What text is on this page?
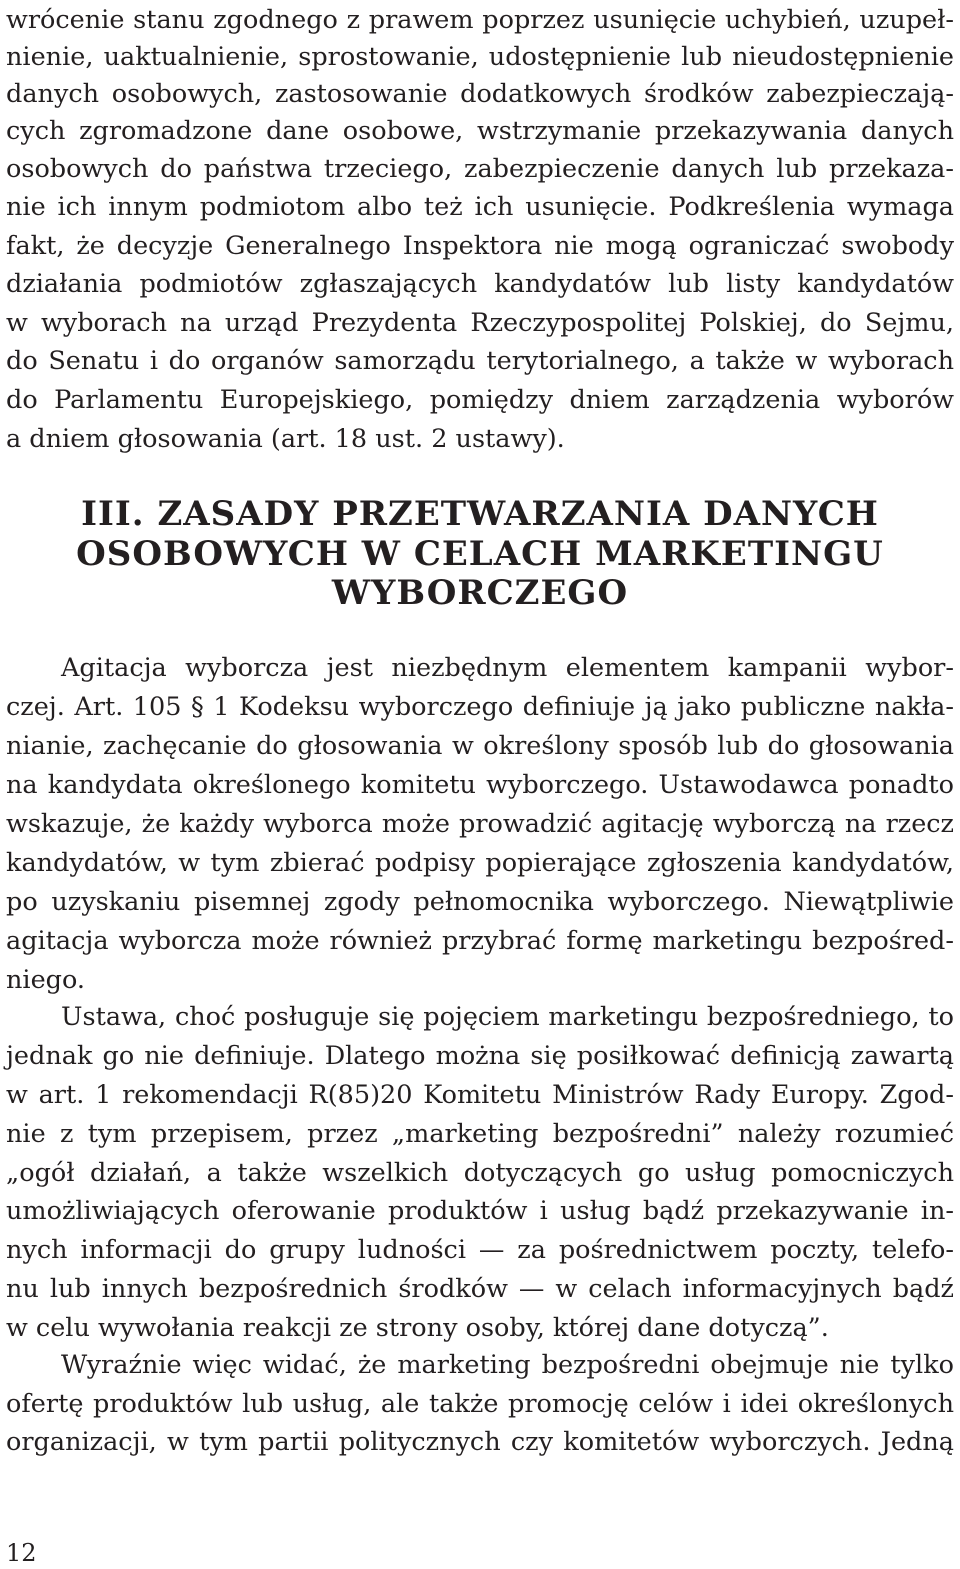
wrócenie stanu zgodnego z prawem poprzez usunięcie uchybień, uzupeł-
nienie, uaktualnienie, sprostowanie, udostępnienie lub nieudostępnienie
danych osobowych, zastosowanie dodatkowych środków zabezpieczają-
cych zgromadzone dane osobowe, wstrzymanie przekazywania danych
osobowych do państwa trzeciego, zabezpieczenie danych lub przekaza-
nie ich innym podmiotom albo też ich usunięcie. Podkreślenia wymaga
fakt, że decyzje Generalnego Inspektora nie mogą ograniczać swobody
działania podmiotów zgłaszających kandydatów lub listy kandydatów
w wyborach na urząd Prezydenta Rzeczypospolitej Polskiej, do Sejmu,
do Senatu i do organów samorządu terytorialnego, a także w wyborach
do Parlamentu Europejskiego, pomiędzy dniem zarządzenia wyborów
a dniem głosowania (art. 18 ust. 2 ustawy).
III. ZASADY PRZETWARZANIA DANYCH
OSOBOWYCH W CELACH MARKETINGU
WYBORCZEGO
Agitacja wyborcza jest niezbędnym elementem kampanii wybor-
czej. Art. 105 § 1 Kodeksu wyborczego definiuje ją jako publiczne nakła-
nianie, zachęcanie do głosowania w określony sposób lub do głosowania
na kandydata określonego komitetu wyborczego. Ustawodawca ponadto
wskazuje, że każdy wyborca może prowadzić agitację wyborczą na rzecz
kandydatów, w tym zbierać podpisy popierające zgłoszenia kandydatów,
po uzyskaniu pisemnej zgody pełnomocnika wyborczego. Niewątpliwie
agitacja wyborcza może również przybrać formę marketingu bezpośred-
niego.
Ustawa, choć posługuje się pojęciem marketingu bezpośredniego, to
jednak go nie definiuje. Dlatego można się posiłkować definicją zawartą
w art. 1 rekomendacji R(85)20 Komitetu Ministrów Rady Europy. Zgod-
nie z tym przepisem, przez „marketing bezpośredni” należy rozumieć
„ogół działań, a także wszelkich dotyczących go usług pomocniczych
umożliwiających oferowanie produktów i usług bądź przekazywanie in-
nych informacji do grupy ludności — za pośrednictwem poczty, telefo-
nu lub innych bezpośrednich środków — w celach informacyjnych bądź
w celu wywołania reakcji ze strony osoby, której dane dotyczą”.
Wyraźnie więc widać, że marketing bezpośredni obejmuje nie tylko
ofertę produktów lub usług, ale także promocję celów i idei określonych
organizacji, w tym partii politycznych czy komitetów wyborczych. Jedną
12
